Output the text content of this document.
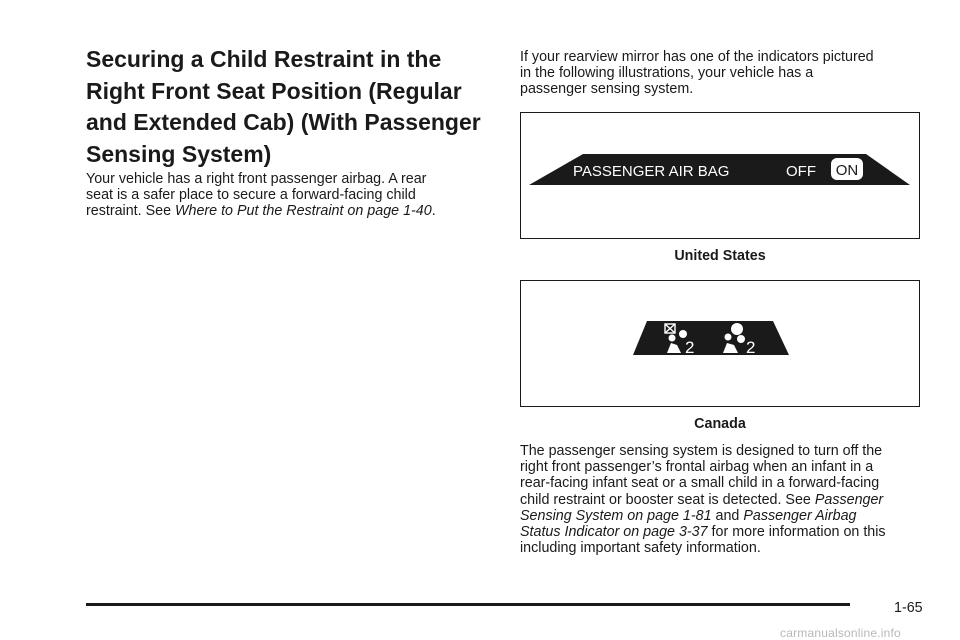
Securing a Child Restraint in the
Right Front Seat Position (Regular
and Extended Cab) (With Passenger
Sensing System)
Your vehicle has a right front passenger airbag. A rear
seat is a safer place to secure a forward-facing child
restraint. See Where to Put the Restraint on page 1-40.
If your rearview mirror has one of the indicators pictured
in the following illustrations, your vehicle has a
passenger sensing system.
PASSENGER AIR BAG	OFF ON
United States
2	2
Canada
The passenger sensing system is designed to turn off the
right front passenger’s frontal airbag when an infant in a
rear-facing infant seat or a small child in a forward-facing
child restraint or booster seat is detected. See Passenger
Sensing System on page 1-81 and Passenger Airbag
Status Indicator on page 3-37 for more information on this
including important safety information.
1-65
carmanualsonline.info
